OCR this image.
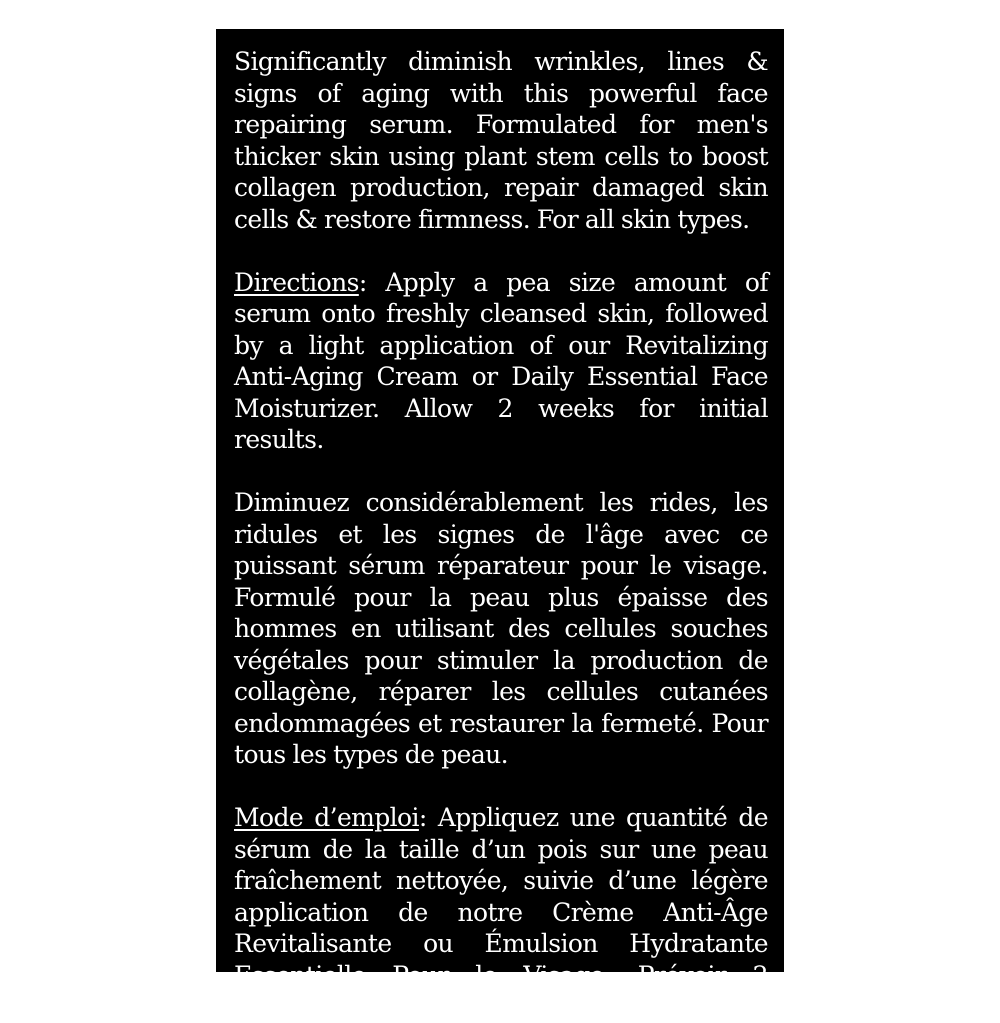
Significantly diminish wrinkles, lines & signs of aging with this powerful face repairing serum. Formulated for men's thicker skin using plant stem cells to boost collagen production, repair damaged skin cells & restore firmness. For all skin types.

Directions: Apply a pea size amount of serum onto freshly cleansed skin, followed by a light application of our Revitalizing Anti-Aging Cream or Daily Essential Face Moisturizer. Allow 2 weeks for initial results.

Diminuez considérablement les rides, les ridules et les signes de l'âge avec ce puissant sérum réparateur pour le visage. Formulé pour la peau plus épaisse des hommes en utilisant des cellules souches végétales pour stimuler la production de collagène, réparer les cellules cutanées endommagées et restaurer la fermeté. Pour tous les types de peau.

Mode d’emploi: Appliquez une quantité de sérum de la taille d’un pois sur une peau fraîchement nettoyée, suivie d’une légère application de notre Crème Anti-Âge Revitalisante ou Émulsion Hydratante Essentielle Pour le Visage. Prévoir 2 semaines pour les résultats initiaux.
